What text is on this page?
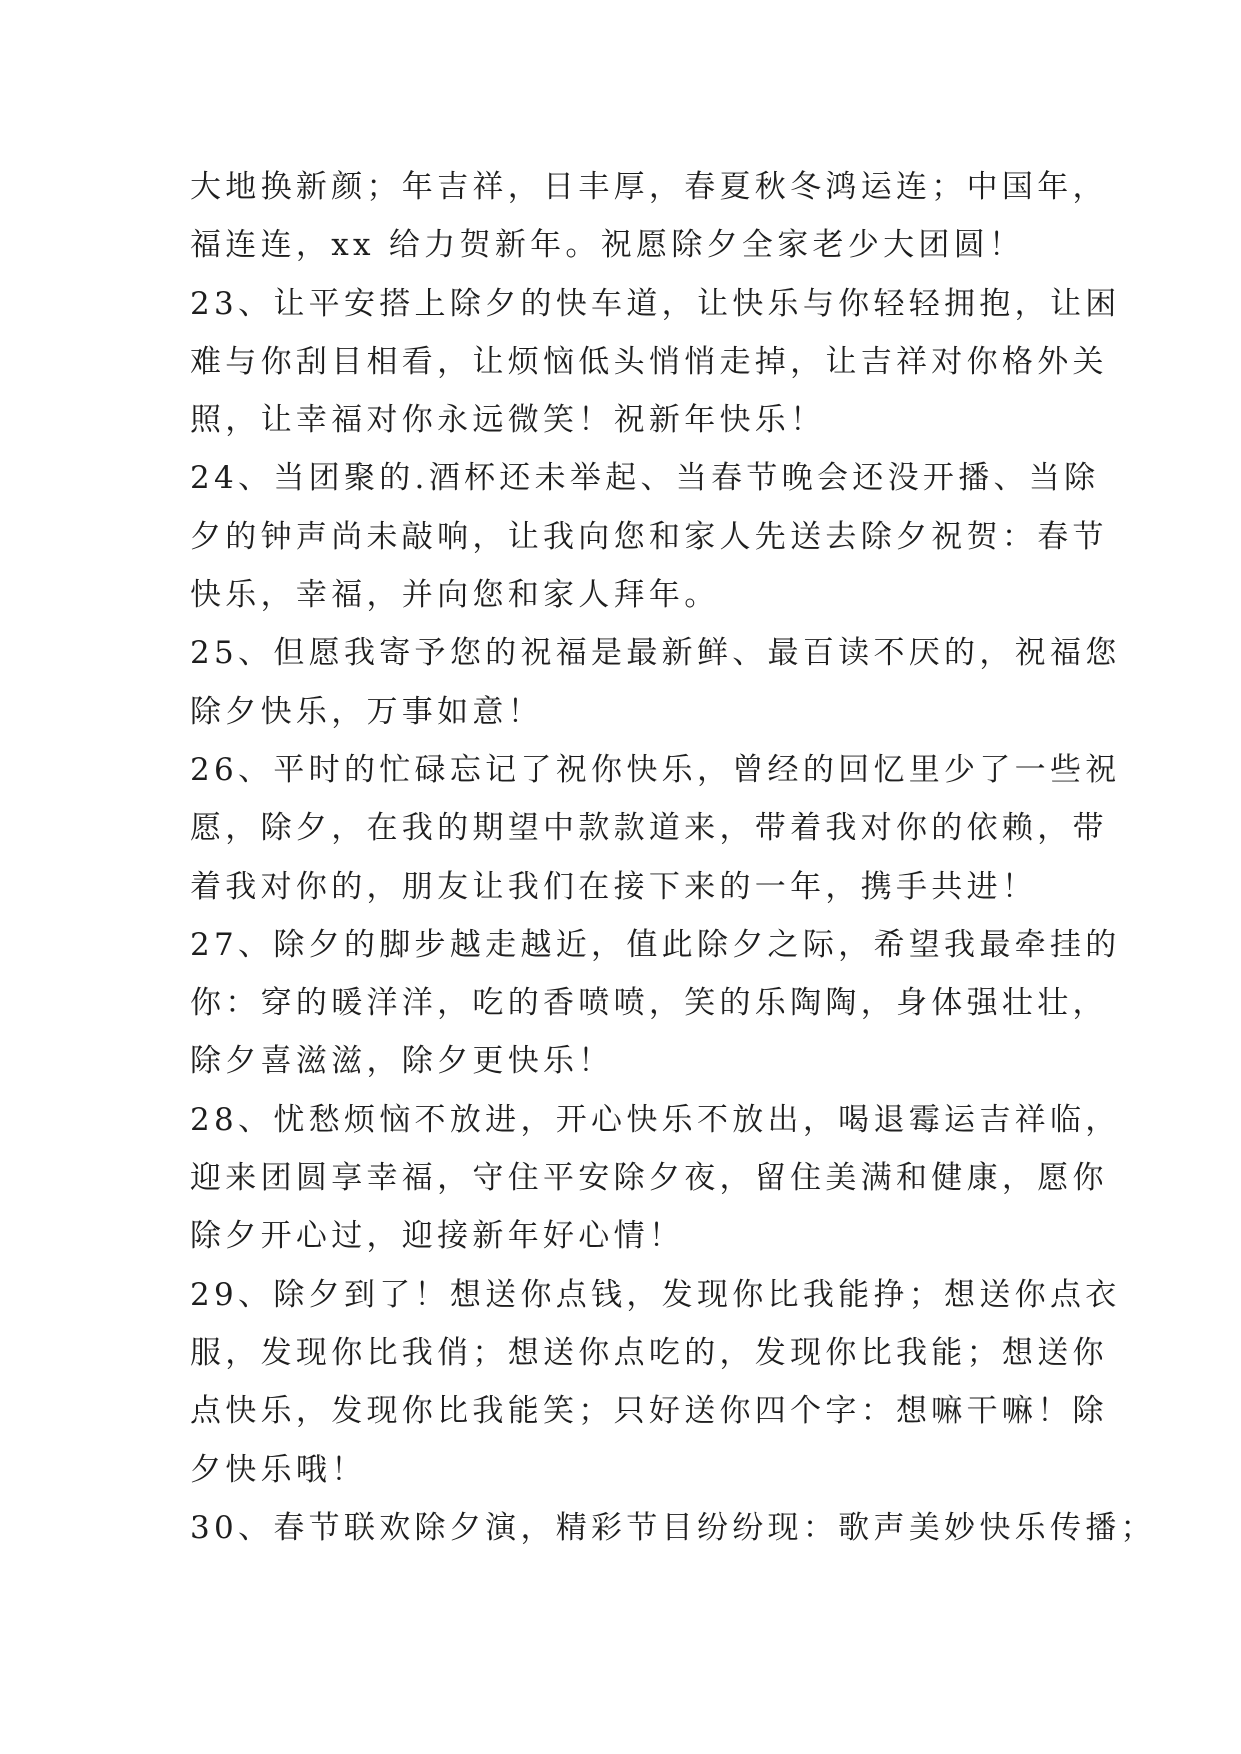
大地换新颜；年吉祥，日丰厚，春夏秋冬鸿运连；中国年，
福连连，xx 给力贺新年。祝愿除夕全家老少大团圆！
23、让平安搭上除夕的快车道，让快乐与你轻轻拥抱，让困
难与你刮目相看，让烦恼低头悄悄走掉，让吉祥对你格外关
照，让幸福对你永远微笑！祝新年快乐！
24、当团聚的.酒杯还未举起、当春节晚会还没开播、当除
夕的钟声尚未敲响，让我向您和家人先送去除夕祝贺：春节
快乐，幸福，并向您和家人拜年。
25、但愿我寄予您的祝福是最新鲜、最百读不厌的，祝福您
除夕快乐，万事如意！
26、平时的忙碌忘记了祝你快乐，曾经的回忆里少了一些祝
愿，除夕，在我的期望中款款道来，带着我对你的依赖，带
着我对你的，朋友让我们在接下来的一年，携手共进！
27、除夕的脚步越走越近，值此除夕之际，希望我最牵挂的
你：穿的暖洋洋，吃的香喷喷，笑的乐陶陶，身体强壮壮，
除夕喜滋滋，除夕更快乐！
28、忧愁烦恼不放进，开心快乐不放出，喝退霉运吉祥临，
迎来团圆享幸福，守住平安除夕夜，留住美满和健康，愿你
除夕开心过，迎接新年好心情！
29、除夕到了！想送你点钱，发现你比我能挣；想送你点衣
服，发现你比我俏；想送你点吃的，发现你比我能；想送你
点快乐，发现你比我能笑；只好送你四个字：想嘛干嘛！除
夕快乐哦！
30、春节联欢除夕演，精彩节目纷纷现：歌声美妙快乐传播；
